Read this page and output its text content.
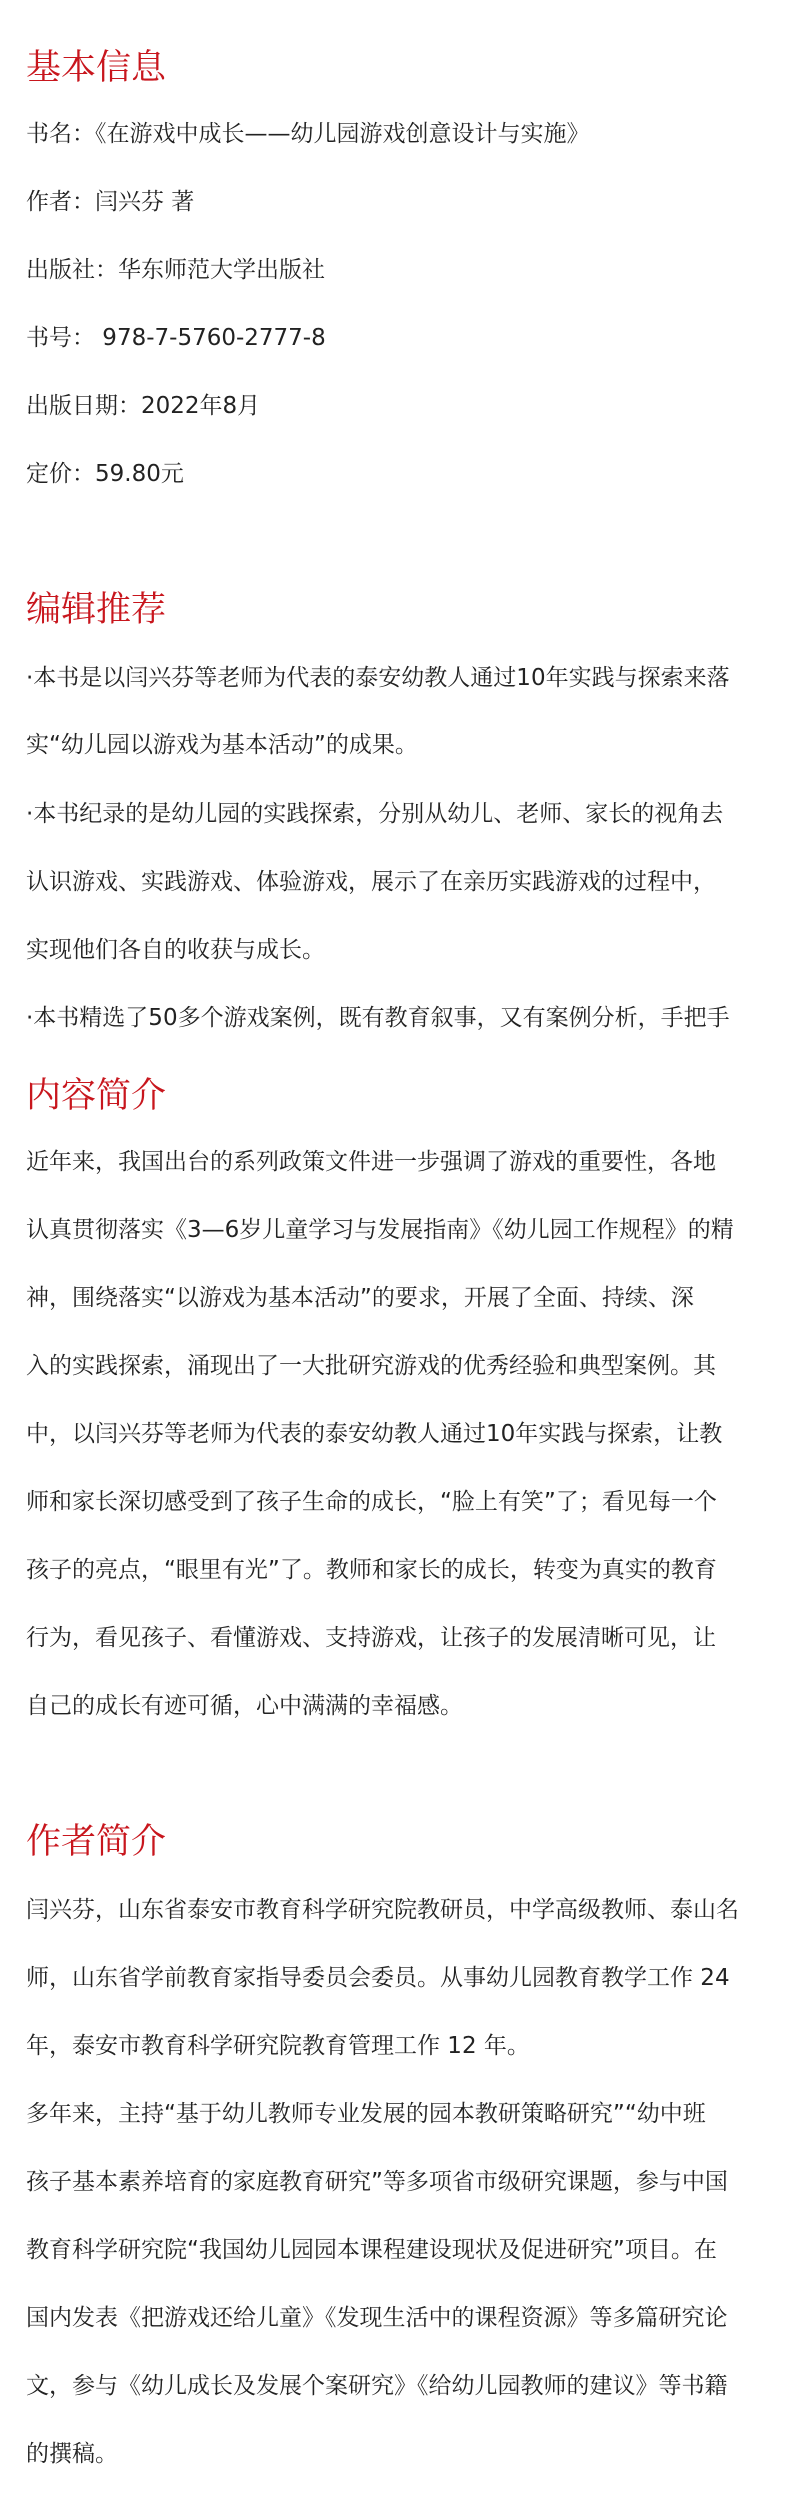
基本信息

书名：《在游戏中成长——幼儿园游戏创意设计与实施》

作者：闫兴芬 著

出版社：华东师范大学出版社

书号： 978-7-5760-2777-8

出版日期：2022年8月

定价：59.80元

编辑推荐

·本书是以闫兴芬等老师为代表的泰安幼教人通过10年实践与探索来落

实“幼儿园以游戏为基本活动”的成果。

·本书纪录的是幼儿园的实践探索，分别从幼儿、老师、家长的视角去

认识游戏、实践游戏、体验游戏，展示了在亲历实践游戏的过程中，

实现他们各自的收获与成长。

·本书精选了50多个游戏案例，既有教育叙事，又有案例分析，手把手

内容简介

近年来，我国出台的系列政策文件进一步强调了游戏的重要性，各地

认真贯彻落实《3—6岁儿童学习与发展指南》《幼儿园工作规程》的精

神，围绕落实“以游戏为基本活动”的要求，开展了全面、持续、深

入的实践探索，涌现出了一大批研究游戏的优秀经验和典型案例。其

中，以闫兴芬等老师为代表的泰安幼教人通过10年实践与探索，让教

师和家长深切感受到了孩子生命的成长，“脸上有笑”了；看见每一个

孩子的亮点，“眼里有光”了。教师和家长的成长，转变为真实的教育

行为，看见孩子、看懂游戏、支持游戏，让孩子的发展清晰可见，让

自己的成长有迹可循，心中满满的幸福感。

作者简介

闫兴芬，山东省泰安市教育科学研究院教研员，中学高级教师、泰山名

师，山东省学前教育家指导委员会委员。从事幼儿园教育教学工作 24

年，泰安市教育科学研究院教育管理工作 12 年。

多年来，主持“基于幼儿教师专业发展的园本教研策略研究”“幼中班

孩子基本素养培育的家庭教育研究”等多项省市级研究课题，参与中国

教育科学研究院“我国幼儿园园本课程建设现状及促进研究”项目。在

国内发表《把游戏还给儿童》《发现生活中的课程资源》等多篇研究论

文，参与《幼儿成长及发展个案研究》《给幼儿园教师的建议》等书籍

的撰稿。
